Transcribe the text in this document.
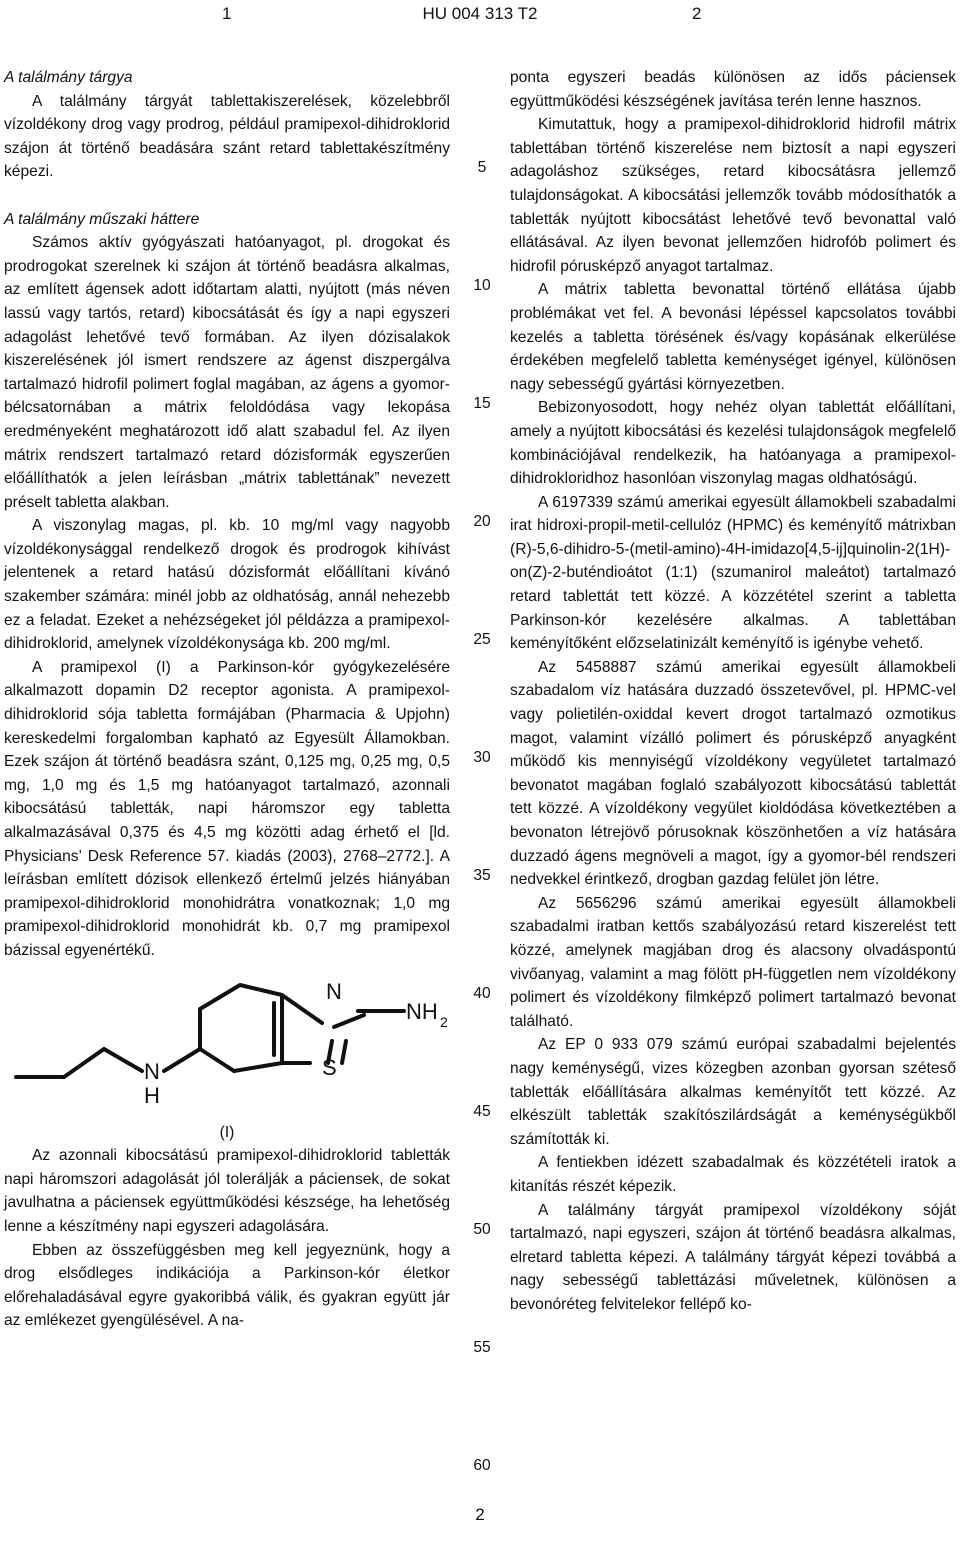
1	HU 004 313 T2	2

A találmány tárgya

A találmány tárgyát tablettakiszerelések, közelebbről vízoldékony drog vagy prodrog, például pramipexol-dihidroklorid szájon át történő beadására szánt retard tablettakészítmény képezi.

A találmány műszaki háttere

Számos aktív gyógyászati hatóanyagot, pl. drogokat és prodrogokat szerelnek ki szájon át történő beadásra alkalmas, az említett ágensek adott időtartam alatti, nyújtott (más néven lassú vagy tartós, retard) kibocsátását és így a napi egyszeri adagolást lehetővé tevő formában. Az ilyen dózisalakok kiszerelésének jól ismert rendszere az ágenst diszpergálva tartalmazó hidrofil polimert foglal magában, az ágens a gyomor-bélcsatornában a mátrix feloldódása vagy lekopása eredményeként meghatározott idő alatt szabadul fel. Az ilyen mátrix rendszert tartalmazó retard dózisformák egyszerűen előállíthatók a jelen leírásban „mátrix tablettának” nevezett préselt tabletta alakban.

A viszonylag magas, pl. kb. 10 mg/ml vagy nagyobb vízoldékonysággal rendelkező drogok és prodrogok kihívást jelentenek a retard hatású dózisformát előállítani kívánó szakember számára: minél jobb az oldhatóság, annál nehezebb ez a feladat. Ezeket a nehézségeket jól példázza a pramipexol-dihidroklorid, amelynek vízoldékonysága kb. 200 mg/ml.

A pramipexol (I) a Parkinson-kór gyógykezelésére alkalmazott dopamin D2 receptor agonista. A pramipexol-dihidroklorid sója tabletta formájában (Pharmacia & Upjohn) kereskedelmi forgalomban kapható az Egyesült Államokban. Ezek szájon át történő beadásra szánt, 0,125 mg, 0,25 mg, 0,5 mg, 1,0 mg és 1,5 mg hatóanyagot tartalmazó, azonnali kibocsátású tabletták, napi háromszor egy tabletta alkalmazásával 0,375 és 4,5 mg közötti adag érhető el [ld. Physicians’ Desk Reference 57. kiadás (2003), 2768–2772.]. A leírásban említett dózisok ellenkező értelmű jelzés hiányában pramipexol-dihidroklorid monohidrátra vonatkoznak; 1,0 mg pramipexol-dihidroklorid monohidrát kb. 0,7 mg pramipexol bázissal egyenértékű.

N
S
N
H
NH 2

(I)

Az azonnali kibocsátású pramipexol-dihidroklorid tabletták napi háromszori adagolását jól tolerálják a páciensek, de sokat javulhatna a páciensek együttműködési készsége, ha lehetőség lenne a készítmény napi egyszeri adagolására.

Ebben az összefüggésben meg kell jegyeznünk, hogy a drog elsődleges indikációja a Parkinson-kór életkor előrehaladásával egyre gyakoribbá válik, és gyakran együtt jár az emlékezet gyengülésével. A na-

5
10
15
20
25
30
35
40
45
50
55
60

ponta egyszeri beadás különösen az idős páciensek együttműködési készségének javítása terén lenne hasznos.

Kimutattuk, hogy a pramipexol-dihidroklorid hidrofil mátrix tablettában történő kiszerelése nem biztosít a napi egyszeri adagoláshoz szükséges, retard kibocsátásra jellemző tulajdonságokat. A kibocsátási jellemzők tovább módosíthatók a tabletták nyújtott kibocsátást lehetővé tevő bevonattal való ellátásával. Az ilyen bevonat jellemzően hidrofób polimert és hidrofil pórusképző anyagot tartalmaz.

A mátrix tabletta bevonattal történő ellátása újabb problémákat vet fel. A bevonási lépéssel kapcsolatos további kezelés a tabletta törésének és/vagy kopásának elkerülése érdekében megfelelő tabletta keménységet igényel, különösen nagy sebességű gyártási környezetben.

Bebizonyosodott, hogy nehéz olyan tablettát előállítani, amely a nyújtott kibocsátási és kezelési tulajdonságok megfelelő kombinációjával rendelkezik, ha hatóanyaga a pramipexol-dihidrokloridhoz hasonlóan viszonylag magas oldhatóságú.

A 6197339 számú amerikai egyesült államokbeli szabadalmi irat hidroxi-propil-metil-cellulóz (HPMC) és keményítő mátrixban (R)-5,6-dihidro-5-(metil-amino)-4H-imidazo[4,5-ij]quinolin-2(1H)-on(Z)-2-buténdioátot (1:1) (szumanirol maleátot) tartalmazó retard tablettát tett közzé. A közzététel szerint a tabletta Parkinson-kór kezelésére alkalmas. A tablettában keményítőként előzselatinizált keményítő is igénybe vehető.

Az 5458887 számú amerikai egyesült államokbeli szabadalom víz hatására duzzadó összetevővel, pl. HPMC-vel vagy polietilén-oxiddal kevert drogot tartalmazó ozmotikus magot, valamint vízálló polimert és pórusképző anyagként működő kis mennyiségű vízoldékony vegyületet tartalmazó bevonatot magában foglaló szabályozott kibocsátású tablettát tett közzé. A vízoldékony vegyület kioldódása következtében a bevonaton létrejövő pórusoknak köszönhetően a víz hatására duzzadó ágens megnöveli a magot, így a gyomor-bél rendszeri nedvekkel érintkező, drogban gazdag felület jön létre.

Az 5656296 számú amerikai egyesült államokbeli szabadalmi iratban kettős szabályozású retard kiszerelést tett közzé, amelynek magjában drog és alacsony olvadáspontú vivőanyag, valamint a mag fölött pH-független nem vízoldékony polimert és vízoldékony filmképző polimert tartalmazó bevonat található.

Az EP 0 933 079 számú európai szabadalmi bejelentés nagy keménységű, vizes közegben azonban gyorsan széteső tabletták előállítására alkalmas keményítőt tett közzé. Az elkészült tabletták szakítószilárdságát a keménységükből számították ki.

A fentiekben idézett szabadalmak és közzétételi iratok a kitanítás részét képezik.

A találmány tárgyát pramipexol vízoldékony sóját tartalmazó, napi egyszeri, szájon át történő beadásra alkalmas, elretard tabletta képezi. A találmány tárgyát képezi továbbá a nagy sebességű tablettázási műveletnek, különösen a bevonóréteg felvitelekor fellépő ko-

2
